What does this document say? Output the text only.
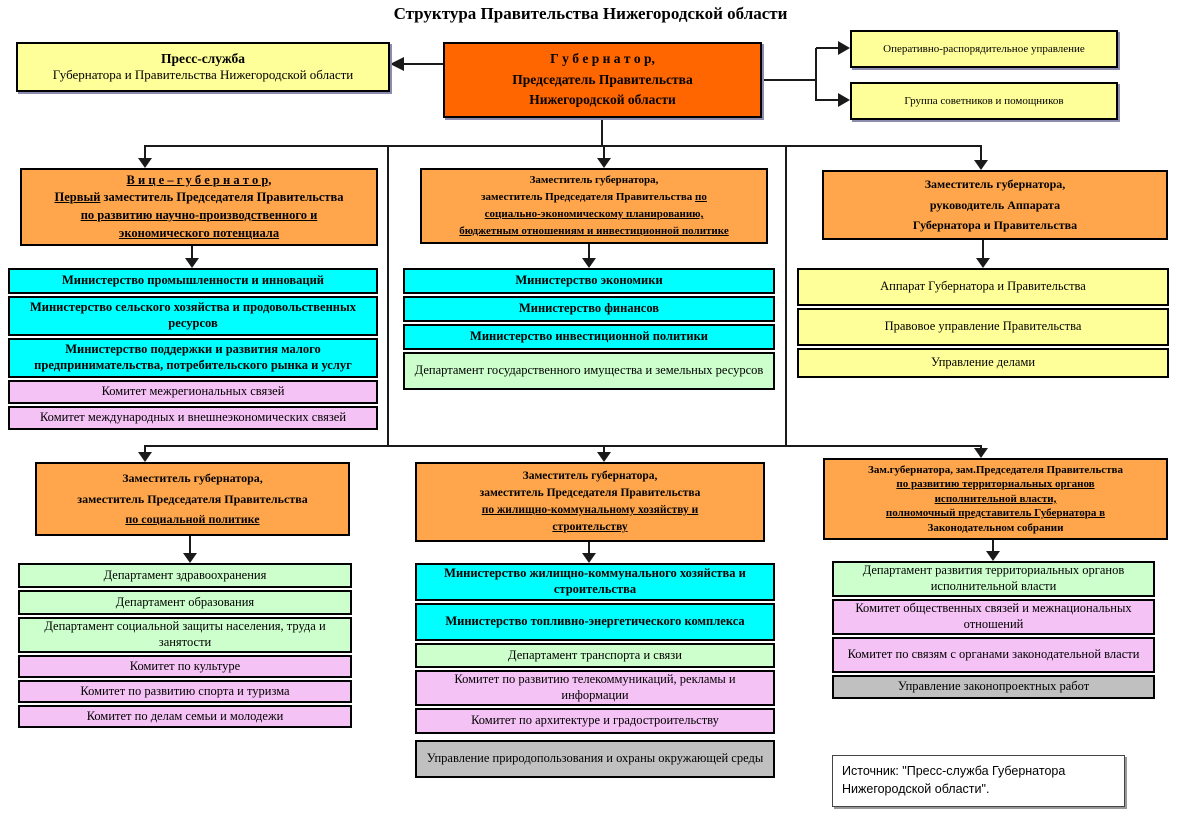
Структура Правительства Нижегородской области
Пресс-служба
Губернатора и Правительства Нижегородской области
Г у б е р н а т о р,
Председатель Правительства
Нижегородской области
Оперативно-распорядительное управление
Группа советников и помощников
В и ц е – г у б е р н а т о р,
Первый заместитель Председателя Правительства
по развитию научно-производственного и
экономического потенциала
Заместитель губернатора,
заместитель Председателя Правительства по
социально-экономическому планированию,
бюджетным отношениям и инвестиционной политике
Заместитель губернатора,
руководитель Аппарата
Губернатора и Правительства
Министерство промышленности и инноваций
Министерство сельского хозяйства и продовольственных ресурсов
Министерство поддержки и развития малого предпринимательства, потребительского рынка и услуг
Комитет межрегиональных связей
Комитет международных и внешнеэкономических связей
Министерство экономики
Министерство финансов
Министерство инвестиционной политики
Департамент государственного имущества и земельных ресурсов
Аппарат Губернатора и Правительства
Правовое управление Правительства
Управление делами
Заместитель губернатора,
заместитель Председателя Правительства
по социальной политике
Заместитель губернатора,
заместитель Председателя Правительства
по жилищно-коммунальному хозяйству и
строительству
Зам.губернатора, зам.Председателя Правительства
по развитию территориальных органов
исполнительной власти,
полномочный представитель Губернатора в
Законодательном собрании
Департамент здравоохранения
Департамент образования
Департамент социальной защиты населения, труда и занятости
Комитет по культуре
Комитет по развитию спорта и туризма
Комитет по делам семьи и молодежи
Министерство жилищно-коммунального хозяйства и строительства
Министерство топливно-энергетического комплекса
Департамент транспорта и связи
Комитет по развитию телекоммуникаций, рекламы и информации
Комитет по архитектуре и градостроительству
Управление природопользования и охраны окружающей среды
Департамент развития территориальных органов исполнительной власти
Комитет общественных связей и межнациональных отношений
Комитет по связям с органами законодательной власти
Управление законопроектных работ
Источник: "Пресс-служба Губернатора Нижегородской области".
